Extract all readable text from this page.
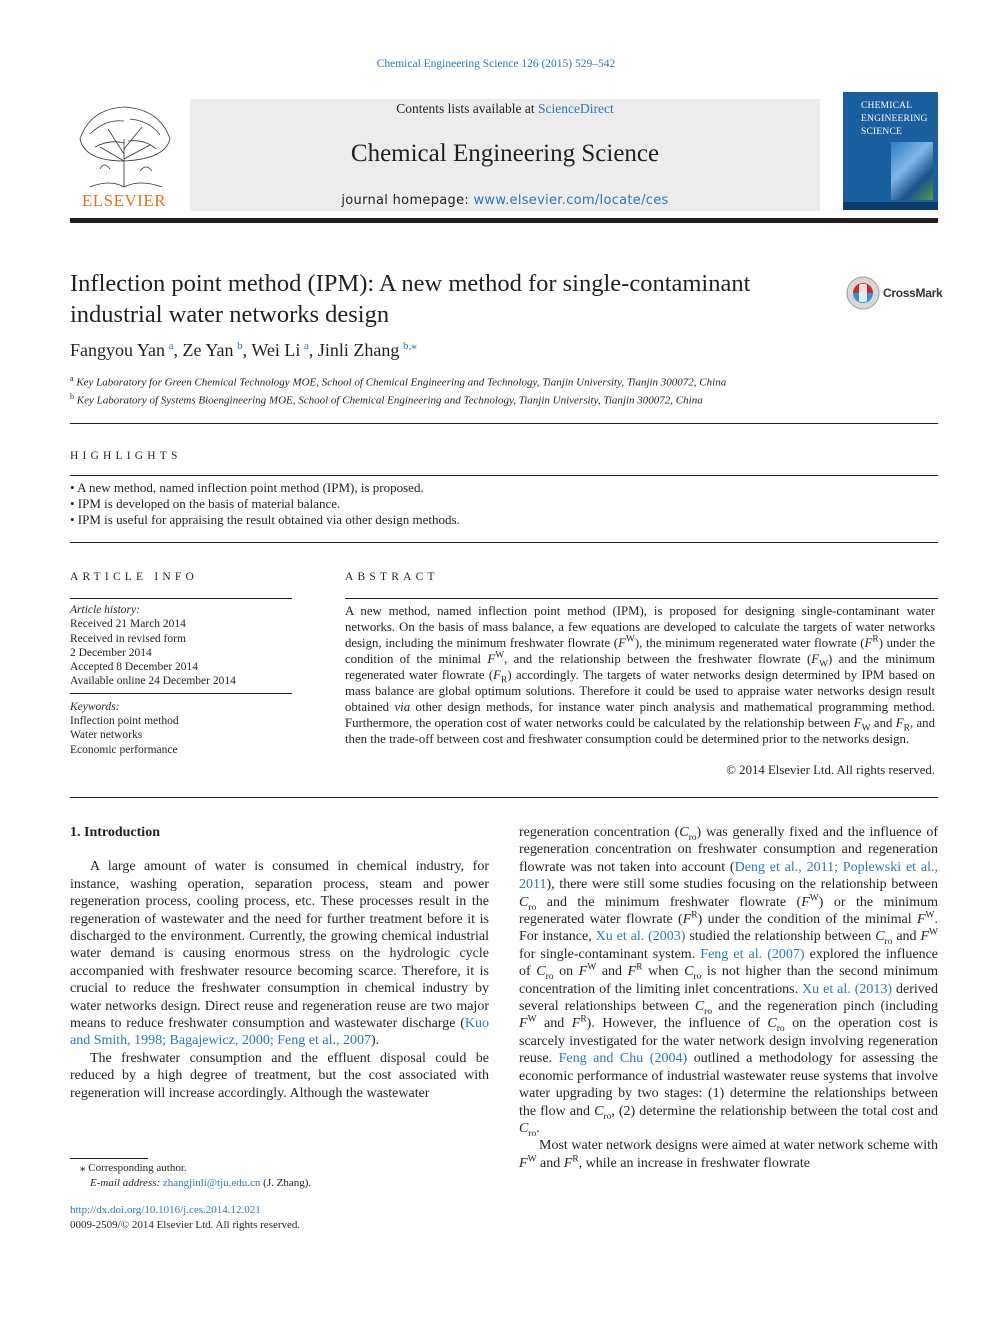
Chemical Engineering Science 126 (2015) 529–542
ELSEVIER
Contents lists available at ScienceDirect
Chemical Engineering Science
journal homepage: www.elsevier.com/locate/ces
CHEMICAL
ENGINEERING
SCIENCE
Inflection point method (IPM): A new method for single-contaminant
industrial water networks design
CrossMark
Fangyou Yan  $^a$, Ze Yan  $^b$, Wei Li  $^a$, Jinli Zhang  $^{b,⁎}$
$^a$ Key Laboratory for Green Chemical Technology MOE, School of Chemical Engineering and Technology, Tianjin University, Tianjin 300072, China
$^b$ Key Laboratory of Systems Bioengineering MOE, School of Chemical Engineering and Technology, Tianjin University, Tianjin 300072, China
HIGHLIGHTS
• A new method, named inflection point method (IPM), is proposed.
• IPM is developed on the basis of material balance.
• IPM is useful for appraising the result obtained via other design methods.
ARTICLE INFO	ABSTRACT
Article history:
Received 21 March 2014
Received in revised form
2 December 2014
Accepted 8 December 2014
Available online 24 December 2014
Keywords:
Inflection point method
Water networks
Economic performance
A new method, named inflection point method (IPM), is proposed for designing single-contaminant water networks. On the basis of mass balance, a few equations are developed to calculate the targets of water networks design, including the minimum freshwater flowrate $(F^W)$, the minimum regenerated water flowrate $(F^R)$ under the condition of the minimal $F^W$, and the relationship between the freshwater flowrate $(F_W)$ and the minimum regenerated water flowrate $(F_R)$ accordingly. The targets of water networks design determined by IPM based on mass balance are global optimum solutions. Therefore it could be used to appraise water networks design result obtained via other design methods, for instance water pinch analysis and mathematical programming method. Furthermore, the operation cost of water networks could be calculated by the relationship between $F_W$ and $F_R$, and then the trade-off between cost and freshwater consumption could be determined prior to the networks design.
© 2014 Elsevier Ltd. All rights reserved.
1. Introduction

A large amount of water is consumed in chemical industry, for instance, washing operation, separation process, steam and power regeneration process, cooling process, etc. These processes result in the regeneration of wastewater and the need for further treatment before it is discharged to the environment. Currently, the growing chemical industrial water demand is causing enormous stress on the hydrologic cycle accompanied with freshwater resource becoming scarce. Therefore, it is crucial to reduce the freshwater consumption in chemical industry by water networks design. Direct reuse and regeneration reuse are two major means to reduce freshwater consumption and wastewater discharge (Kuo and Smith, 1998; Bagajewicz, 2000; Feng et al., 2007).

The freshwater consumption and the effluent disposal could be reduced by a high degree of treatment, but the cost associated with regeneration will increase accordingly. Although the wastewater

regeneration concentration $(C_{ro})$ was generally fixed and the influence of regeneration concentration on freshwater consumption and regeneration flowrate was not taken into account (Deng et al., 2011; Poplewski et al., 2011), there were still some studies focusing on the relationship between $C_{ro}$ and the minimum freshwater flowrate $(F^W)$ or the minimum regenerated water flowrate $(F^R)$ under the condition of the minimal $F^W$. For instance, Xu et al. (2003) studied the relationship between $C_{ro}$ and $F^W$ for single-contaminant system. Feng et al. (2007) explored the influence of $C_{ro}$ on $F^W$ and $F^R$ when $C_{ro}$ is not higher than the second minimum concentration of the limiting inlet concentrations. Xu et al. (2013) derived several relationships between $C_{ro}$ and the regeneration pinch (including $F^W$ and $F^R$). However, the influence of $C_{ro}$ on the operation cost is scarcely investigated for the water network design involving regeneration reuse. Feng and Chu (2004) outlined a methodology for assessing the economic performance of industrial wastewater reuse systems that involve water upgrading by two stages: (1) determine the relationships between the flow and $C_{ro}$, (2) determine the relationship between the total cost and $C_{ro}$.

Most water network designs were aimed at water network scheme with $F^W$ and $F^R$, while an increase in freshwater flowrate

⁎ Corresponding author.
E-mail address: zhangjinli@tju.edu.cn (J. Zhang).
http://dx.doi.org/10.1016/j.ces.2014.12.021
0009-2509/© 2014 Elsevier Ltd. All rights reserved.
